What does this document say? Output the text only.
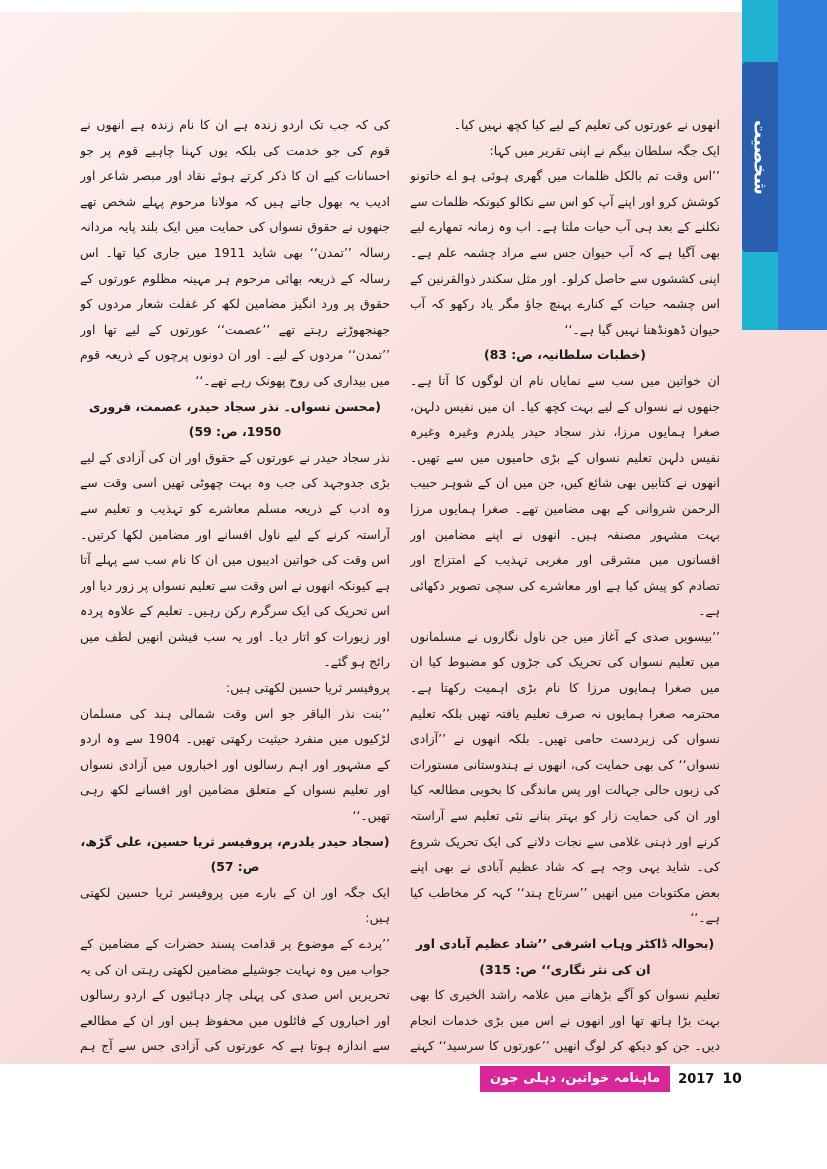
شخصیت

انھوں نے عورتوں کی تعلیم کے لیے کیا کچھ نہیں کیا۔

ایک جگہ سلطان بیگم نے اپنی تقریر میں کہا:

’’اس وقت تم بالکل ظلمات میں گھری ہوئی ہو اے خاتونو کوشش کرو اور اپنے آپ کو اس سے نکالو کیونکہ ظلمات سے نکلنے کے بعد ہی آب حیات ملتا ہے۔ اب وہ زمانہ تمھارے لیے بھی آگیا ہے کہ آب حیوان جس سے مراد چشمہ علم ہے۔ اپنی کششوں سے حاصل کرلو۔ اور مثل سکندر ذوالقرنین کے اس چشمہ حیات کے کنارے پہنچ جاؤ مگر یاد رکھو کہ آب حیوان ڈھونڈھنا نہیں گیا ہے۔‘‘

(خطبات سلطانیہ، ص: 83)

ان خواتین میں سب سے نمایاں نام ان لوگوں کا آتا ہے۔ جنھوں نے نسواں کے لیے بہت کچھ کیا۔ ان میں نفیس دلہن، صغرا ہمایوں مرزا، نذر سجاد حیدر یلدرم وغیرہ وغیرہ نفیس دلہن تعلیم نسواں کے بڑی حامیوں میں سے تھیں۔ انھوں نے کتابیں بھی شائع کیں، جن میں ان کے شوہر حبیب الرحمن شروانی کے بھی مضامین تھے۔ صغرا ہمایوں مرزا بہت مشہور مصنفہ ہیں۔ انھوں نے اپنے مضامین اور افسانوں میں مشرقی اور مغربی تہذیب کے امتزاج اور تصادم کو پیش کیا ہے اور معاشرے کی سچی تصویر دکھائی ہے۔

’’بیسویں صدی کے آغاز میں جن ناول نگاروں نے مسلمانوں میں تعلیم نسواں کی تحریک کی جڑوں کو مضبوط کیا ان میں صغرا ہمایوں مرزا کا نام بڑی اہمیت رکھتا ہے۔ محترمہ صغرا ہمایوں نہ صرف تعلیم یافتہ تھیں بلکہ تعلیم نسواں کی زبردست حامی تھیں۔ بلکہ انھوں نے ’’آزادی نسواں‘‘ کی بھی حمایت کی، انھوں نے ہندوستانی مستورات کی زبوں حالی جہالت اور پس ماندگی کا بخوبی مطالعہ کیا اور ان کی حمایت زار کو بہتر بنانے نئی تعلیم سے آراستہ کرنے اور ذہنی غلامی سے نجات دلانے کی ایک تحریک شروع کی۔ شاید یہی وجہ ہے کہ شاد عظیم آبادی نے بھی اپنے بعض مکتوبات میں انھیں ’’سرتاج ہند‘‘ کہہ کر مخاطب کیا ہے۔‘‘

(بحوالہ ڈاکٹر وہاب اشرفی ’’شاد عظیم آبادی اور ان کی نثر نگاری‘‘ ص: 315)

تعلیم نسواں کو آگے بڑھانے میں علامہ راشد الخیری کا بھی بہت بڑا ہاتھ تھا اور انھوں نے اس میں بڑی خدمات انجام دیں۔ جن کو دیکھ کر لوگ انھیں ’’عورتوں کا سرسید‘‘ کہنے

کی کہ جب تک اردو زندہ ہے ان کا نام زندہ ہے انھوں نے قوم کی جو خدمت کی بلکہ یوں کہنا چاہیے قوم پر جو احسانات کیے ان کا ذکر کرتے ہوئے نقاد اور مبصر شاعر اور ادیب یہ بھول جاتے ہیں کہ مولانا مرحوم پہلے شخص تھے جنھوں نے حقوق نسواں کی حمایت میں ایک بلند پایہ مردانہ رسالہ ’’تمدن‘‘ بھی شاید 1911 میں جاری کیا تھا۔ اس رسالہ کے ذریعہ بھائی مرحوم ہر مہینہ مظلوم عورتوں کے حقوق پر ورد انگیز مضامین لکھ کر غفلت شعار مردوں کو جھنجھوڑتے رہتے تھے ’’عصمت‘‘ عورتوں کے لیے تھا اور ’’تمدن‘‘ مردوں کے لیے۔ اور ان دونوں پرچوں کے ذریعہ قوم میں بیداری کی روح پھونک رہے تھے۔‘‘

(محسن نسواں۔ نذر سجاد حیدر، عصمت، فروری 1950، ص: 59)

نذر سجاد حیدر نے عورتوں کے حقوق اور ان کی آزادی کے لیے بڑی جدوجہد کی جب وہ بہت چھوٹی تھیں اسی وقت سے وہ ادب کے ذریعہ مسلم معاشرے کو تہذیب و تعلیم سے آراستہ کرنے کے لیے ناول افسانے اور مضامین لکھا کرتیں۔ اس وقت کی خواتین ادیبوں میں ان کا نام سب سے پہلے آتا ہے کیونکہ انھوں نے اس وقت سے تعلیم نسواں پر زور دیا اور اس تحریک کی ایک سرگرم رکن رہیں۔ تعلیم کے علاوہ پردہ اور زیورات کو اتار دیا۔ اور یہ سب فیشن انھیں لطف میں رائج ہو گئے۔

پروفیسر ثریا حسین لکھتی ہیں:

’’بنت نذر الباقر جو اس وقت شمالی ہند کی مسلمان لڑکیوں میں منفرد حیثیت رکھتی تھیں۔ 1904 سے وہ اردو کے مشہور اور اہم رسالوں اور اخباروں میں آزادی نسواں اور تعلیم نسواں کے متعلق مضامین اور افسانے لکھ رہی تھیں۔‘‘

(سجاد حیدر یلدرم، پروفیسر ثریا حسین، علی گڑھ، ص: 57)

ایک جگہ اور ان کے بارے میں پروفیسر ثریا حسین لکھتی ہیں:

’’پردے کے موضوع پر قدامت پسند حضرات کے مضامین کے جواب میں وہ نہایت جوشیلے مضامین لکھتی رہتی ان کی یہ تحریریں اس صدی کی پہلی چار دہائیوں کے اردو رسالوں اور اخباروں کے فائلوں میں محفوظ ہیں اور ان کے مطالعے سے اندازہ ہوتا ہے کہ عورتوں کی آزادی جس سے آج ہم

ماہنامہ خواتین، دہلی جون	2017 10
